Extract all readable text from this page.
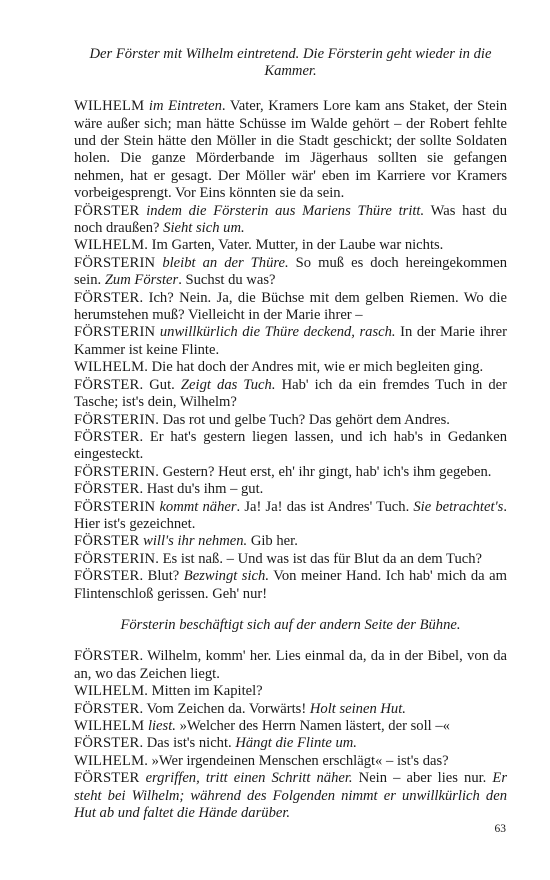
Der Förster mit Wilhelm eintretend. Die Försterin geht wieder in die Kammer.

WILHELM im Eintreten. Vater, Kramers Lore kam ans Staket, der Stein wäre außer sich; man hätte Schüsse im Walde gehört – der Robert fehlte und der Stein hätte den Möller in die Stadt geschickt; der sollte Soldaten holen. Die ganze Mörderbande im Jägerhaus sollten sie gefangen nehmen, hat er gesagt. Der Möller wär' eben im Karriere vor Kramers vorbeigesprengt. Vor Eins könnten sie da sein.

FÖRSTER indem die Försterin aus Mariens Thüre tritt. Was hast du noch draußen? Sieht sich um.

WILHELM. Im Garten, Vater. Mutter, in der Laube war nichts.

FÖRSTERIN bleibt an der Thüre. So muß es doch hereingekommen sein. Zum Förster. Suchst du was?

FÖRSTER. Ich? Nein. Ja, die Büchse mit dem gelben Riemen. Wo die herumstehen muß? Vielleicht in der Marie ihrer –

FÖRSTERIN unwillkürlich die Thüre deckend, rasch. In der Marie ihrer Kammer ist keine Flinte.

WILHELM. Die hat doch der Andres mit, wie er mich begleiten ging.

FÖRSTER. Gut. Zeigt das Tuch. Hab' ich da ein fremdes Tuch in der Tasche; ist's dein, Wilhelm?

FÖRSTERIN. Das rot und gelbe Tuch? Das gehört dem Andres.

FÖRSTER. Er hat's gestern liegen lassen, und ich hab's in Gedanken eingesteckt.

FÖRSTERIN. Gestern? Heut erst, eh' ihr gingt, hab' ich's ihm gegeben.

FÖRSTER. Hast du's ihm – gut.

FÖRSTERIN kommt näher. Ja! Ja! das ist Andres' Tuch. Sie betrachtet's. Hier ist's gezeichnet.

FÖRSTER will's ihr nehmen. Gib her.

FÖRSTERIN. Es ist naß. – Und was ist das für Blut da an dem Tuch?

FÖRSTER. Blut? Bezwingt sich. Von meiner Hand. Ich hab' mich da am Flintenschloß gerissen. Geh' nur!

Försterin beschäftigt sich auf der andern Seite der Bühne.

FÖRSTER. Wilhelm, komm' her. Lies einmal da, da in der Bibel, von da an, wo das Zeichen liegt.

WILHELM. Mitten im Kapitel?

FÖRSTER. Vom Zeichen da. Vorwärts! Holt seinen Hut.

WILHELM liest. »Welcher des Herrn Namen lästert, der soll –«

FÖRSTER. Das ist's nicht. Hängt die Flinte um.

WILHELM. »Wer irgendeinen Menschen erschlägt« – ist's das?

FÖRSTER ergriffen, tritt einen Schritt näher. Nein – aber lies nur. Er steht bei Wilhelm; während des Folgenden nimmt er unwillkürlich den Hut ab und faltet die Hände darüber.

63
